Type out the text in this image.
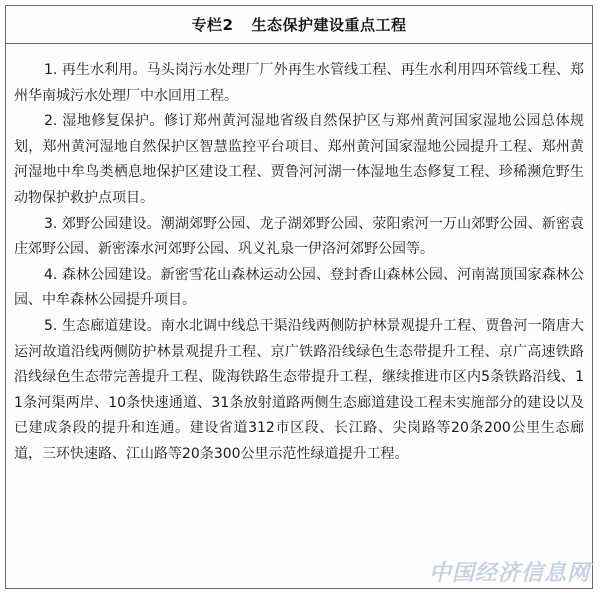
专栏2 生态保护建设重点工程

1. 再生水利用。马头岗污水处理厂厂外再生水管线工程、再生水利用四环管线工程、郑州华南城污水处理厂中水回用工程。

2. 湿地修复保护。修订郑州黄河湿地省级自然保护区与郑州黄河国家湿地公园总体规划，郑州黄河湿地自然保护区智慧监控平台项目、郑州黄河国家湿地公园提升工程、郑州黄河湿地中牟鸟类栖息地保护区建设工程、贾鲁河河湖一体湿地生态修复工程、珍稀濒危野生动物保护救护点项目。

3. 郊野公园建设。潮湖郊野公园、龙子湖郊野公园、荥阳索河一万山郊野公园、新密袁庄郊野公园、新密溱水河郊野公园、巩义礼泉一伊洛河郊野公园等。

4. 森林公园建设。新密雪花山森林运动公园、登封香山森林公园、河南嵩顶国家森林公园、中牟森林公园提升项目。

5. 生态廊道建设。南水北调中线总干渠沿线两侧防护林景观提升工程、贾鲁河一隋唐大运河故道沿线两侧防护林景观提升工程、京广铁路沿线绿色生态带提升工程、京广高速铁路沿线绿色生态带完善提升工程、陇海铁路生态带提升工程，继续推进市区内5条铁路沿线、11条河渠两岸、10条快速通道、31条放射道路两侧生态廊道建设工程未实施部分的建设以及已建成条段的提升和连通。建设省道312市区段、长江路、尖岗路等20条200公里生态廊道，三环快速路、江山路等20条300公里示范性绿道提升工程。

中国经济信息网
